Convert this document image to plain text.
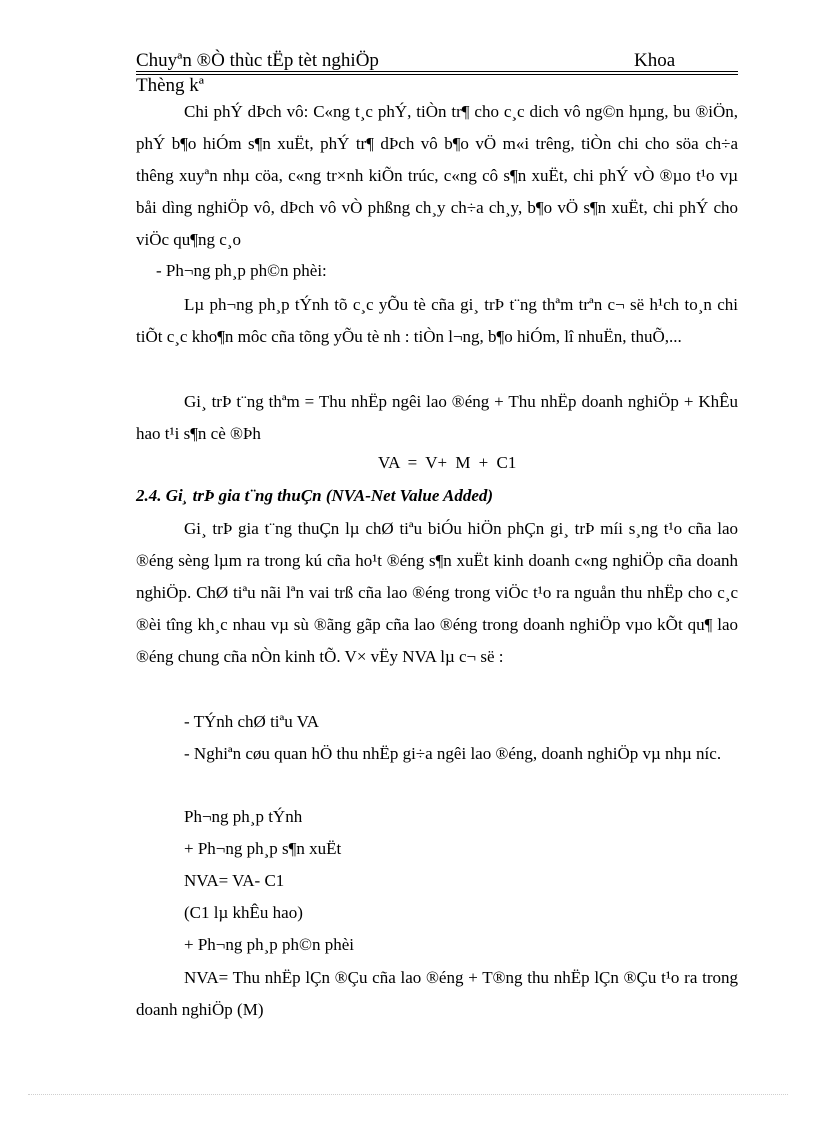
Chuyªn ®Ò thùc tËp tèt nghiÖp	Khoa
Thèng kª

Chi phÝ dÞch vô: C«ng t¸c phÝ, tiÒn tr¶ cho c¸c dich vô ng©n hµng, bu ®iÖn, phÝ b¶o hiÓm s¶n xuËt, phÝ tr¶ dÞch vô b¶o vÖ m«i trêng, tiÒn chi cho söa ch÷a thêng xuyªn nhµ cöa, c«ng tr×nh kiÕn trúc, c«ng cô s¶n xuËt, chi phÝ vÒ ®µo t¹o vµ båi dìng nghiÖp vô, dÞch vô vÒ phßng ch¸y ch÷a ch¸y, b¶o vÖ s¶n xuËt, chi phÝ cho viÖc qu¶ng c¸o

- Ph¬ng ph¸p ph©n phèi:

Lµ ph¬ng ph¸p tÝnh tõ c¸c yÕu tè cña gi¸ trÞ t¨ng thªm trªn c¬ së h¹ch to¸n chi tiÕt c¸c kho¶n môc cña tõng yÕu tè nh : tiÒn l¬ng, b¶o hiÓm, lî nhuËn, thuÕ,...

Gi¸ trÞ t¨ng thªm = Thu nhËp ngêi lao ®éng + Thu nhËp doanh nghiÖp + KhÊu hao t¹i s¶n cè ®Þh

VA = V+ M + C1
2.4. Gi¸ trÞ gia t¨ng thuÇn (NVA-Net Value Added)

Gi¸ trÞ gia t¨ng thuÇn lµ chØ tiªu biÓu hiÖn phÇn gi¸ trÞ míi s¸ng t¹o cña lao ®éng sèng lµm ra trong kú cña ho¹t ®éng s¶n xuËt kinh doanh c«ng nghiÖp cña doanh nghiÖp. ChØ tiªu nãi lªn vai trß cña lao ®éng trong viÖc t¹o ra nguån thu nhËp cho c¸c ®èi tîng kh¸c nhau vµ sù ®ãng gãp cña lao ®éng trong doanh nghiÖp vµo kÕt qu¶ lao ®éng chung cña nÒn kinh tÕ. V× vËy NVA lµ c¬ së :

- TÝnh chØ tiªu VA

- Nghiªn cøu quan hÖ thu nhËp gi÷a ngêi lao ®éng, doanh nghiÖp vµ nhµ níc.

Ph¬ng ph¸p tÝnh
+ Ph¬ng ph¸p s¶n xuËt
NVA= VA- C1
(C1 lµ khÊu hao)
+ Ph¬ng ph¸p ph©n phèi

NVA= Thu nhËp lÇn ®Çu cña lao ®éng + T®ng thu nhËp lÇn ®Çu t¹o ra trong doanh nghiÖp (M)
